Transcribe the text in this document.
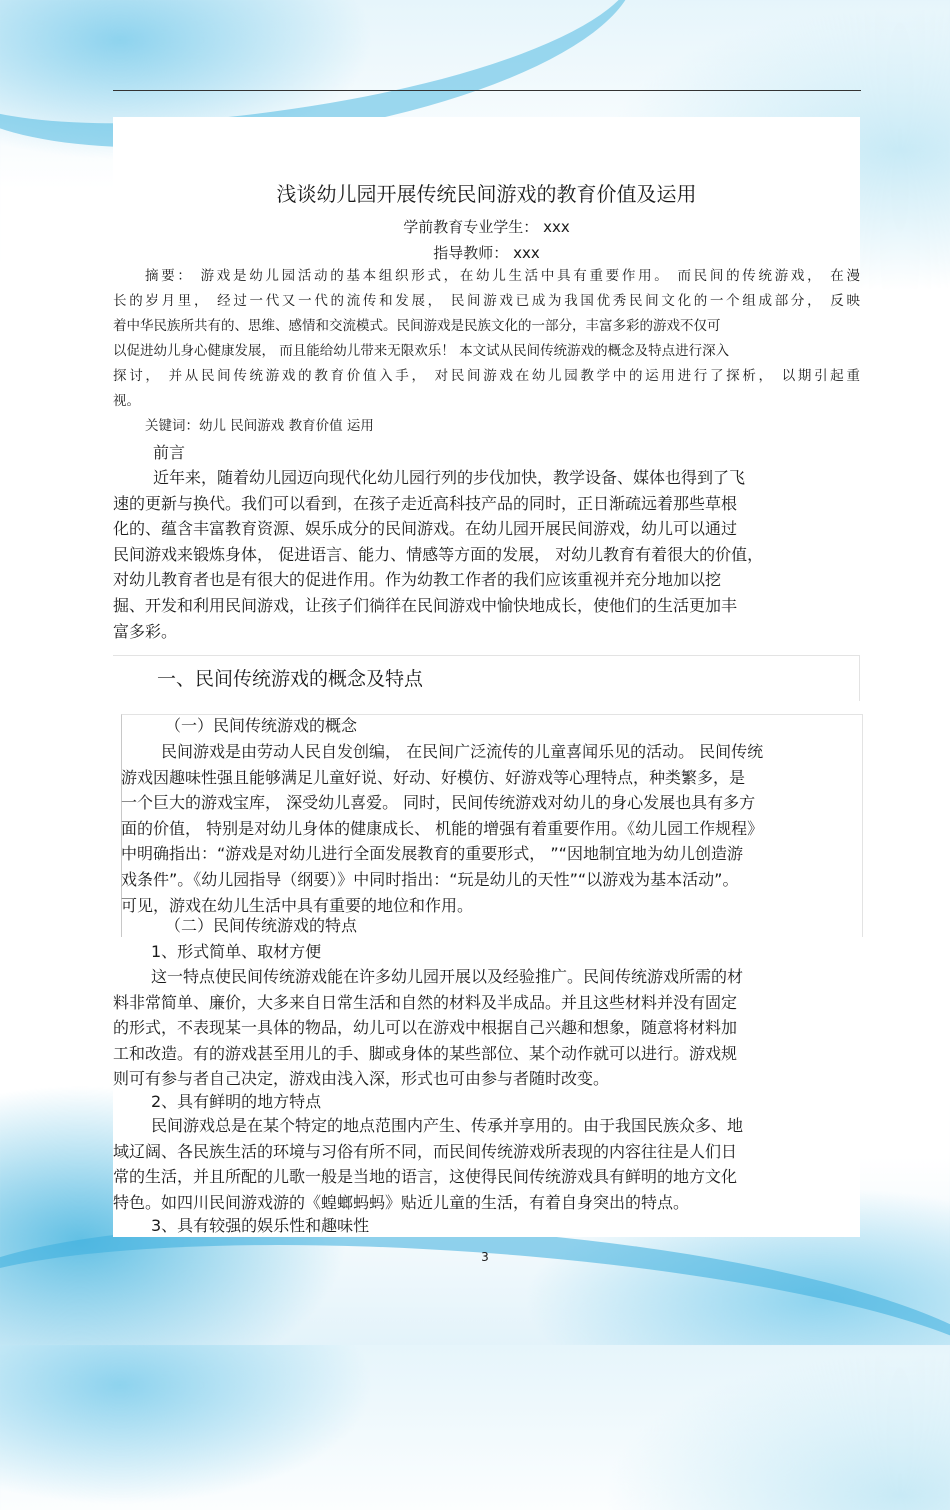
浅谈幼儿园开展传统民间游戏的教育价值及运用
学前教育专业学生： xxx
指导教师： xxx
摘要： 游戏是幼儿园活动的基本组织形式，在幼儿生活中具有重要作用。 而民间的传统游戏， 在漫
长的岁月里， 经过一代又一代的流传和发展， 民间游戏已成为我国优秀民间文化的一个组成部分， 反映
着中华民族所共有的、思维、感情和交流模式。民间游戏是民族文化的一部分，丰富多彩的游戏不仅可
以促进幼儿身心健康发展， 而且能给幼儿带来无限欢乐！ 本文试从民间传统游戏的概念及特点进行深入
探讨， 并从民间传统游戏的教育价值入手， 对民间游戏在幼儿园教学中的运用进行了探析， 以期引起重
视。
关键词：幼儿 民间游戏 教育价值 运用
前言
近年来，随着幼儿园迈向现代化幼儿园行列的步伐加快，教学设备、媒体也得到了飞
速的更新与换代。我们可以看到，在孩子走近高科技产品的同时，正日渐疏远着那些草根
化的、蕴含丰富教育资源、娱乐成分的民间游戏。在幼儿园开展民间游戏，幼儿可以通过
民间游戏来锻炼身体， 促进语言、能力、情感等方面的发展， 对幼儿教育有着很大的价值，
对幼儿教育者也是有很大的促进作用。作为幼教工作者的我们应该重视并充分地加以挖
掘、开发和利用民间游戏，让孩子们徜徉在民间游戏中愉快地成长，使他们的生活更加丰
富多彩。
一、民间传统游戏的概念及特点
（一）民间传统游戏的概念
民间游戏是由劳动人民自发创编， 在民间广泛流传的儿童喜闻乐见的活动。 民间传统
游戏因趣味性强且能够满足儿童好说、好动、好模仿、好游戏等心理特点，种类繁多，是
一个巨大的游戏宝库， 深受幼儿喜爱。 同时，民间传统游戏对幼儿的身心发展也具有多方
面的价值， 特别是对幼儿身体的健康成长、 机能的增强有着重要作用。《幼儿园工作规程》
中明确指出：“游戏是对幼儿进行全面发展教育的重要形式， ”“因地制宜地为幼儿创造游
戏条件”。《幼儿园指导（纲要）》中同时指出：“玩是幼儿的天性”“以游戏为基本活动”。
可见，游戏在幼儿生活中具有重要的地位和作用。
（二）民间传统游戏的特点
1、形式简单、取材方便
这一特点使民间传统游戏能在许多幼儿园开展以及经验推广。民间传统游戏所需的材
料非常简单、廉价，大多来自日常生活和自然的材料及半成品。并且这些材料并没有固定
的形式，不表现某一具体的物品，幼儿可以在游戏中根据自己兴趣和想象，随意将材料加
工和改造。有的游戏甚至用儿的手、脚或身体的某些部位、某个动作就可以进行。游戏规
则可有参与者自己决定，游戏由浅入深，形式也可由参与者随时改变。
2、具有鲜明的地方特点
民间游戏总是在某个特定的地点范围内产生、传承并享用的。由于我国民族众多、地
域辽阔、各民族生活的环境与习俗有所不同，而民间传统游戏所表现的内容往往是人们日
常的生活，并且所配的儿歌一般是当地的语言，这使得民间传统游戏具有鲜明的地方文化
特色。如四川民间游戏游的《蝗螂蚂蚂》贴近儿童的生活，有着自身突出的特点。
3、具有较强的娱乐性和趣味性
3
